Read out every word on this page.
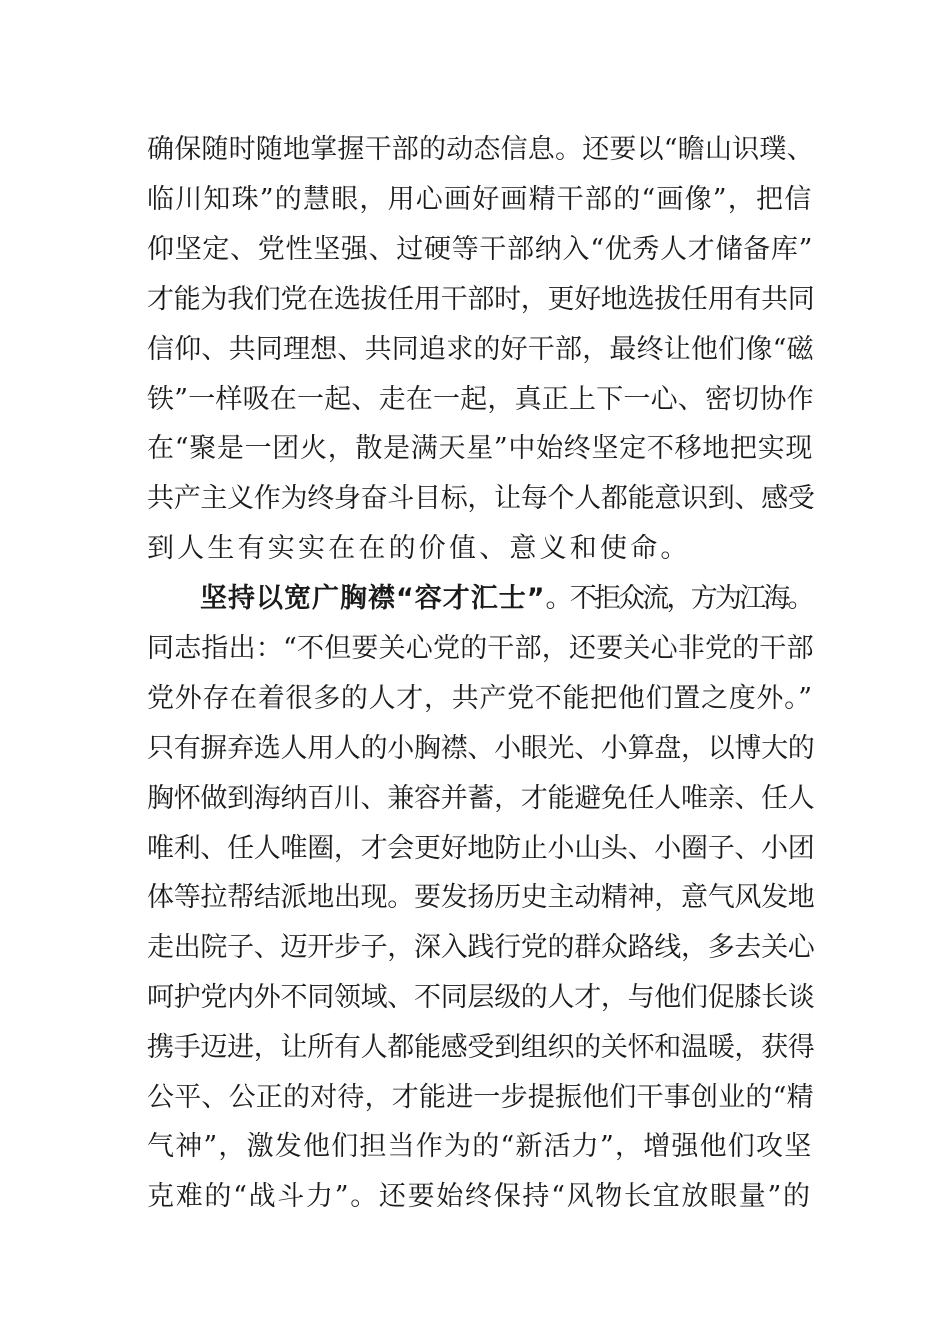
确保随时随地掌握干部的动态信息。还要以“瞻山识璞、
临川知珠”的慧眼，用心画好画精干部的“画像”，把信
仰坚定、党性坚强、过硬等干部纳入“优秀人才储备库”
才能为我们党在选拔任用干部时，更好地选拔任用有共同
信仰、共同理想、共同追求的好干部，最终让他们像“磁
铁”一样吸在一起、走在一起，真正上下一心、密切协作
在“聚是一团火，散是满天星”中始终坚定不移地把实现
共产主义作为终身奋斗目标，让每个人都能意识到、感受
到人生有实实在在的价值、意义和使命。
坚持以宽广胸襟“容才汇士”。不拒众流，方为江海。
同志指出：“不但要关心党的干部，还要关心非党的干部
党外存在着很多的人才，共产党不能把他们置之度外。”
只有摒弃选人用人的小胸襟、小眼光、小算盘，以博大的
胸怀做到海纳百川、兼容并蓄，才能避免任人唯亲、任人
唯利、任人唯圈，才会更好地防止小山头、小圈子、小团
体等拉帮结派地出现。要发扬历史主动精神，意气风发地
走出院子、迈开步子，深入践行党的群众路线，多去关心
呵护党内外不同领域、不同层级的人才，与他们促膝长谈
携手迈进，让所有人都能感受到组织的关怀和温暖，获得
公平、公正的对待，才能进一步提振他们干事创业的“精
气神”，激发他们担当作为的“新活力”，增强他们攻坚
克难的“战斗力”。还要始终保持“风物长宜放眼量”的
